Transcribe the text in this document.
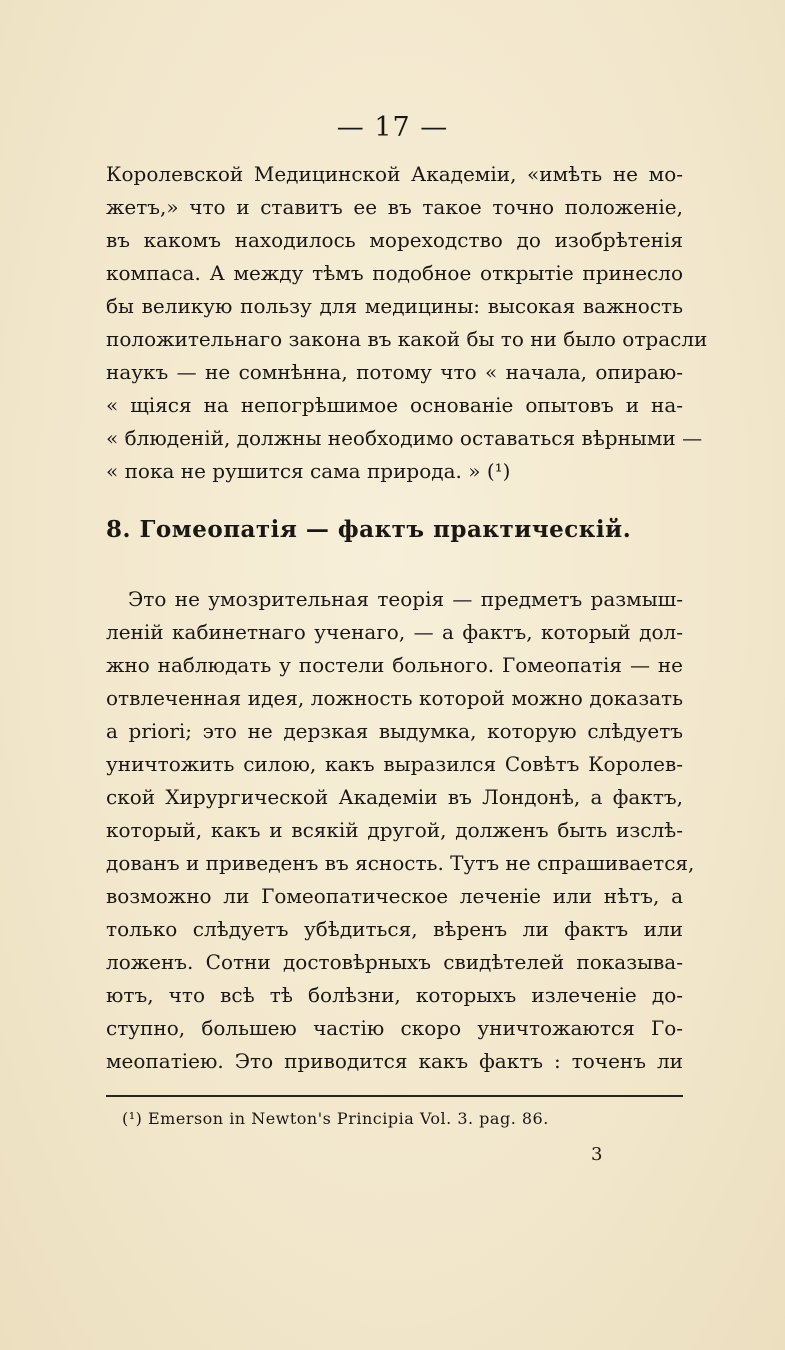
— 17 —
Королевской Медицинской Академіи, «имѣть не мо-
жетъ,» что и ставитъ ее въ такое точно положеніе,
въ какомъ находилось мореходство до изобрѣтенія
компаса. А между тѣмъ подобное открытіе принесло
бы великую пользу для медицины: высокая важность
положительнаго закона въ какой бы то ни было отрасли
наукъ — не сомнѣнна, потому что « начала, опираю-
« щіяся на непогрѣшимое основаніе опытовъ и на-
« блюденій, должны необходимо оставаться вѣрными —
« пока не рушится сама природа. » (¹)
8. Гомеопатія — фактъ практическій.
Это не умозрительная теорія — предметъ размыш-
леній кабинетнаго ученаго, — а фактъ, который дол-
жно наблюдать у постели больного. Гомеопатія — не
отвлеченная идея, ложность которой можно доказать
a priori; это не дерзкая выдумка, которую слѣдуетъ
уничтожить силою, какъ выразился Совѣтъ Королев-
ской Хирургической Академіи въ Лондонѣ, а фактъ,
который, какъ и всякій другой, долженъ быть изслѣ-
дованъ и приведенъ въ ясность. Тутъ не спрашивается,
возможно ли Гомеопатическое леченіе или нѣтъ, а
только слѣдуетъ убѣдиться, вѣренъ ли фактъ или
ложенъ. Сотни достовѣрныхъ свидѣтелей показыва-
ютъ, что всѣ тѣ болѣзни, которыхъ излеченіе до-
ступно, большею частію скоро уничтожаются Го-
меопатіею. Это приводится какъ фактъ : точенъ ли
(¹) Emerson in Newton's Principia Vol. 3. pag. 86.
3
